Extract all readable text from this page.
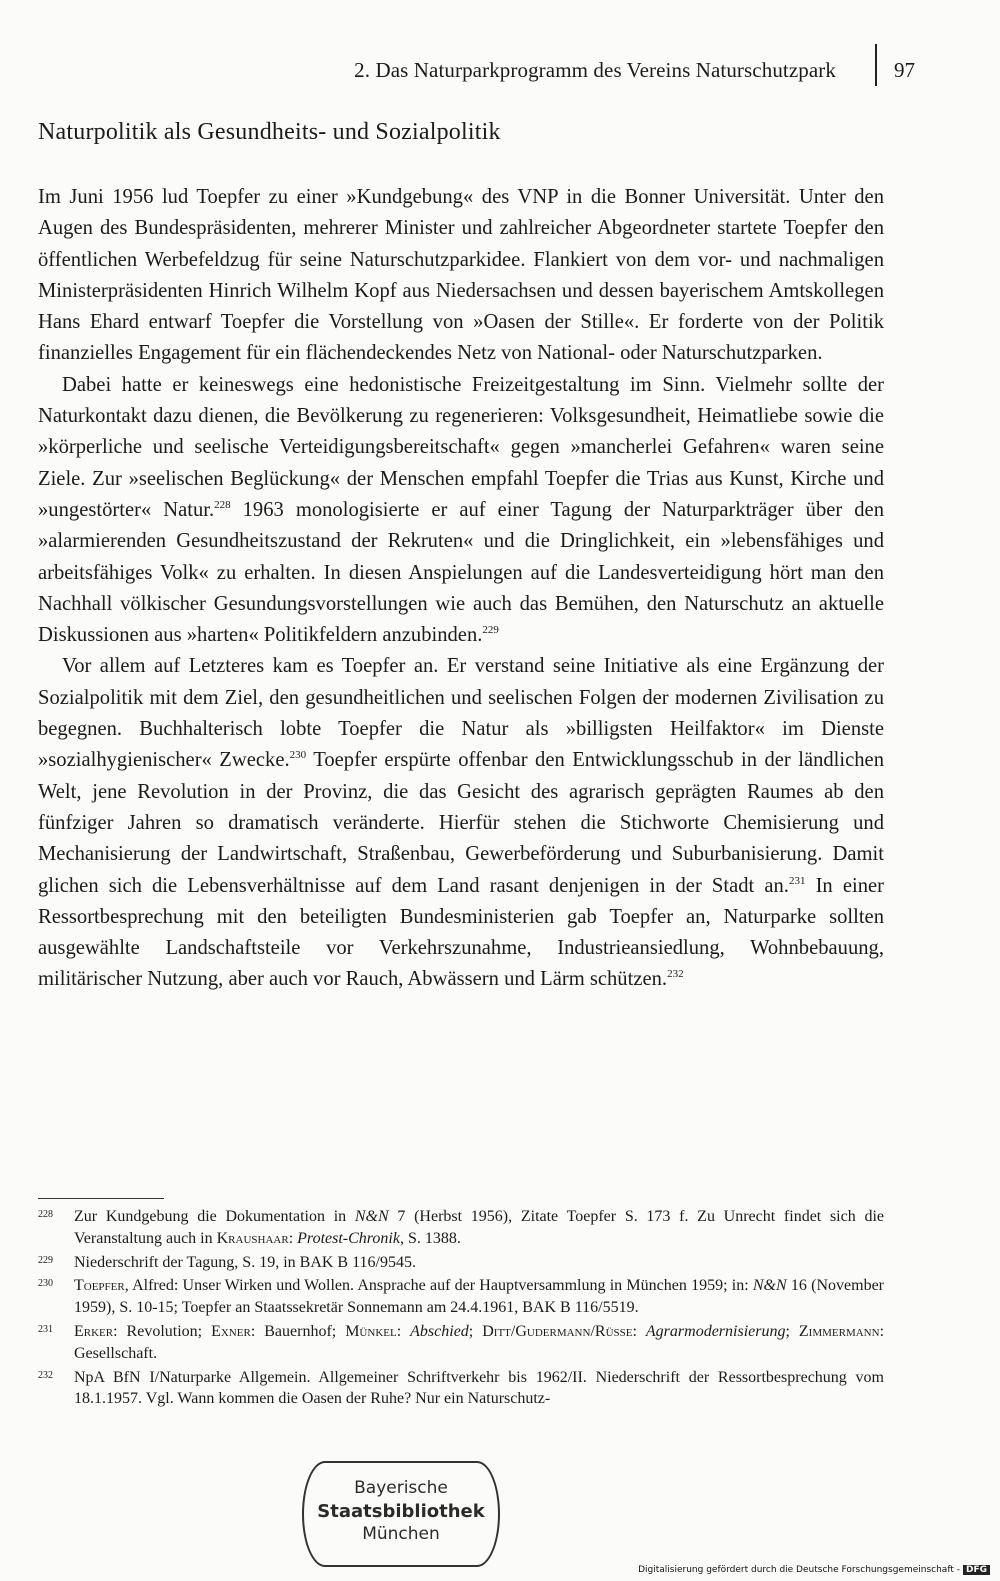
2. Das Naturparkprogramm des Vereins Naturschutzpark	97
Naturpolitik als Gesundheits- und Sozialpolitik

Im Juni 1956 lud Toepfer zu einer »Kundgebung« des VNP in die Bonner Universität. Unter den Augen des Bundespräsidenten, mehrerer Minister und zahlreicher Abgeordneter startete Toepfer den öffentlichen Werbefeldzug für seine Naturschutzparkidee. Flankiert von dem vor- und nachmaligen Ministerpräsidenten Hinrich Wilhelm Kopf aus Niedersachsen und dessen bayerischem Amtskollegen Hans Ehard entwarf Toepfer die Vorstellung von »Oasen der Stille«. Er forderte von der Politik finanzielles Engagement für ein flächendeckendes Netz von National- oder Naturschutzparken.

Dabei hatte er keineswegs eine hedonistische Freizeitgestaltung im Sinn. Vielmehr sollte der Naturkontakt dazu dienen, die Bevölkerung zu regenerieren: Volksgesundheit, Heimatliebe sowie die »körperliche und seelische Verteidigungsbereitschaft« gegen »mancherlei Gefahren« waren seine Ziele. Zur »seelischen Beglückung« der Menschen empfahl Toepfer die Trias aus Kunst, Kirche und »ungestörter« Natur.$^{228}$ 1963 monologisierte er auf einer Tagung der Naturparkträger über den »alarmierenden Gesundheitszustand der Rekruten« und die Dringlichkeit, ein »lebensfähiges und arbeitsfähiges Volk« zu erhalten. In diesen Anspielungen auf die Landesverteidigung hört man den Nachhall völkischer Gesundungsvorstellungen wie auch das Bemühen, den Naturschutz an aktuelle Diskussionen aus »harten« Politikfeldern anzubinden.$^{229}$

Vor allem auf Letzteres kam es Toepfer an. Er verstand seine Initiative als eine Ergänzung der Sozialpolitik mit dem Ziel, den gesundheitlichen und seelischen Folgen der modernen Zivilisation zu begegnen. Buchhalterisch lobte Toepfer die Natur als »billigsten Heilfaktor« im Dienste »sozialhygienischer« Zwecke.$^{230}$ Toepfer erspürte offenbar den Entwicklungsschub in der ländlichen Welt, jene Revolution in der Provinz, die das Gesicht des agrarisch geprägten Raumes ab den fünfziger Jahren so dramatisch veränderte. Hierfür stehen die Stichworte Chemisierung und Mechanisierung der Landwirtschaft, Straßenbau, Gewerbeförderung und Suburbanisierung. Damit glichen sich die Lebensverhältnisse auf dem Land rasant denjenigen in der Stadt an.$^{231}$ In einer Ressortbesprechung mit den beteiligten Bundesministerien gab Toepfer an, Naturparke sollten ausgewählte Landschaftsteile vor Verkehrszunahme, Industrieansiedlung, Wohnbebauung, militärischer Nutzung, aber auch vor Rauch, Abwässern und Lärm schützen.$^{232}$

228 Zur Kundgebung die Dokumentation in N&N 7 (Herbst 1956), Zitate Toepfer S. 173 f. Zu Unrecht findet sich die Veranstaltung auch in Kraushaar: Protest-Chronik, S. 1388.
229 Niederschrift der Tagung, S. 19, in BAK B 116/9545.
230 Toepfer, Alfred: Unser Wirken und Wollen. Ansprache auf der Hauptversammlung in München 1959; in: N&N 16 (November 1959), S. 10-15; Toepfer an Staatssekretär Sonnemann am 24.4.1961, BAK B 116/5519.
231 Erker: Revolution; Exner: Bauernhof; Münkel: Abschied; Ditt/Gudermann/Rüsse: Agrarmodernisierung; Zimmermann: Gesellschaft.
232 NpA BfN I/Naturparke Allgemein. Allgemeiner Schriftverkehr bis 1962/II. Niederschrift der Ressortbesprechung vom 18.1.1957. Vgl. Wann kommen die Oasen der Ruhe? Nur ein Naturschutz-
Bayerische
Staatsbibliothek
München
Digitalisierung gefördert durch die Deutsche Forschungsgemeinschaft - DFG
